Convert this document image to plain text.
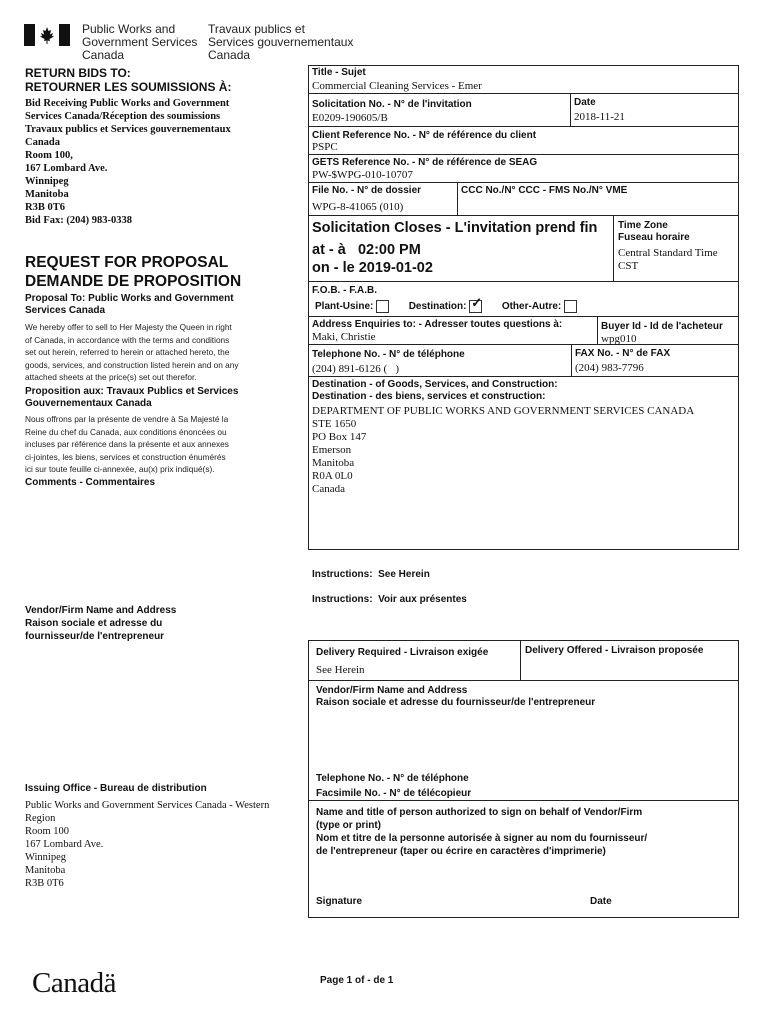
Public Works and
Government Services
Canada
Travaux publics et
Services gouvernementaux
Canada
RETURN BIDS TO:
RETOURNER LES SOUMISSIONS À:
Bid Receiving Public Works and Government
Services Canada/Réception des soumissions
Travaux publics et Services gouvernementaux
Canada
Room 100,
167 Lombard Ave.
Winnipeg
Manitoba
R3B 0T6
Bid Fax: (204) 983-0338
REQUEST FOR PROPOSAL
DEMANDE DE PROPOSITION
Proposal To: Public Works and Government
Services Canada
We hereby offer to sell to Her Majesty the Queen in right
of Canada, in accordance with the terms and conditions
set out herein, referred to herein or attached hereto, the
goods, services, and construction listed herein and on any
attached sheets at the price(s) set out therefor.
Proposition aux: Travaux Publics et Services
Gouvernementaux Canada
Nous offrons par la présente de vendre à Sa Majesté la
Reine du chef du Canada, aux conditions énoncées ou
incluses par référence dans la présente et aux annexes
ci-jointes, les biens, services et construction énumérés
ici sur toute feuille ci-annexée, au(x) prix indiqué(s).
Comments - Commentaires
Vendor/Firm Name and Address
Raison sociale et adresse du
fournisseur/de l'entrepreneur
Issuing Office - Bureau de distribution
Public Works and Government Services Canada - Western
Region
Room 100
167 Lombard Ave.
Winnipeg
Manitoba
R3B 0T6
Title - Sujet
Commercial Cleaning Services - Emer
Solicitation No. - N° de l'invitation
E0209-190605/B
Date
2018-11-21
Client Reference No. - N° de référence du client
PSPC
GETS Reference No. - N° de référence de SEAG
PW-$WPG-010-10707
File No. - N° de dossier
WPG-8-41065 (010)
CCC No./N° CCC - FMS No./N° VME
Solicitation Closes - L'invitation prend fin
at - à 02:00 PM
on - le 2019-01-02
Time Zone
Fuseau horaire
Central Standard Time
CST
F.O.B. - F.A.B.
Plant-Usine:	Destination: ✓ Other-Autre:
Address Enquiries to: - Adresser toutes questions à:
Maki, Christie
Buyer Id - Id de l'acheteur
wpg010
Telephone No. - N° de téléphone
(204) 891-6126 (   )
FAX No. - N° de FAX
(204) 983-7796
Destination - of Goods, Services, and Construction:
Destination - des biens, services et construction:
DEPARTMENT OF PUBLIC WORKS AND GOVERNMENT SERVICES CANADA
STE 1650
PO Box 147
Emerson
Manitoba
R0A 0L0
Canada
Instructions:  See Herein
Instructions:  Voir aux présentes
Delivery Required - Livraison exigée
See Herein
Delivery Offered - Livraison proposée
Vendor/Firm Name and Address
Raison sociale et adresse du fournisseur/de l'entrepreneur
Telephone No. - N° de téléphone
Facsimile No. - N° de télécopieur
Name and title of person authorized to sign on behalf of Vendor/Firm
(type or print)
Nom et titre de la personne autorisée à signer au nom du fournisseur/
de l'entrepreneur (taper ou écrire en caractères d'imprimerie)
Signature	Date
Canadä	Page 1 of - de 1
